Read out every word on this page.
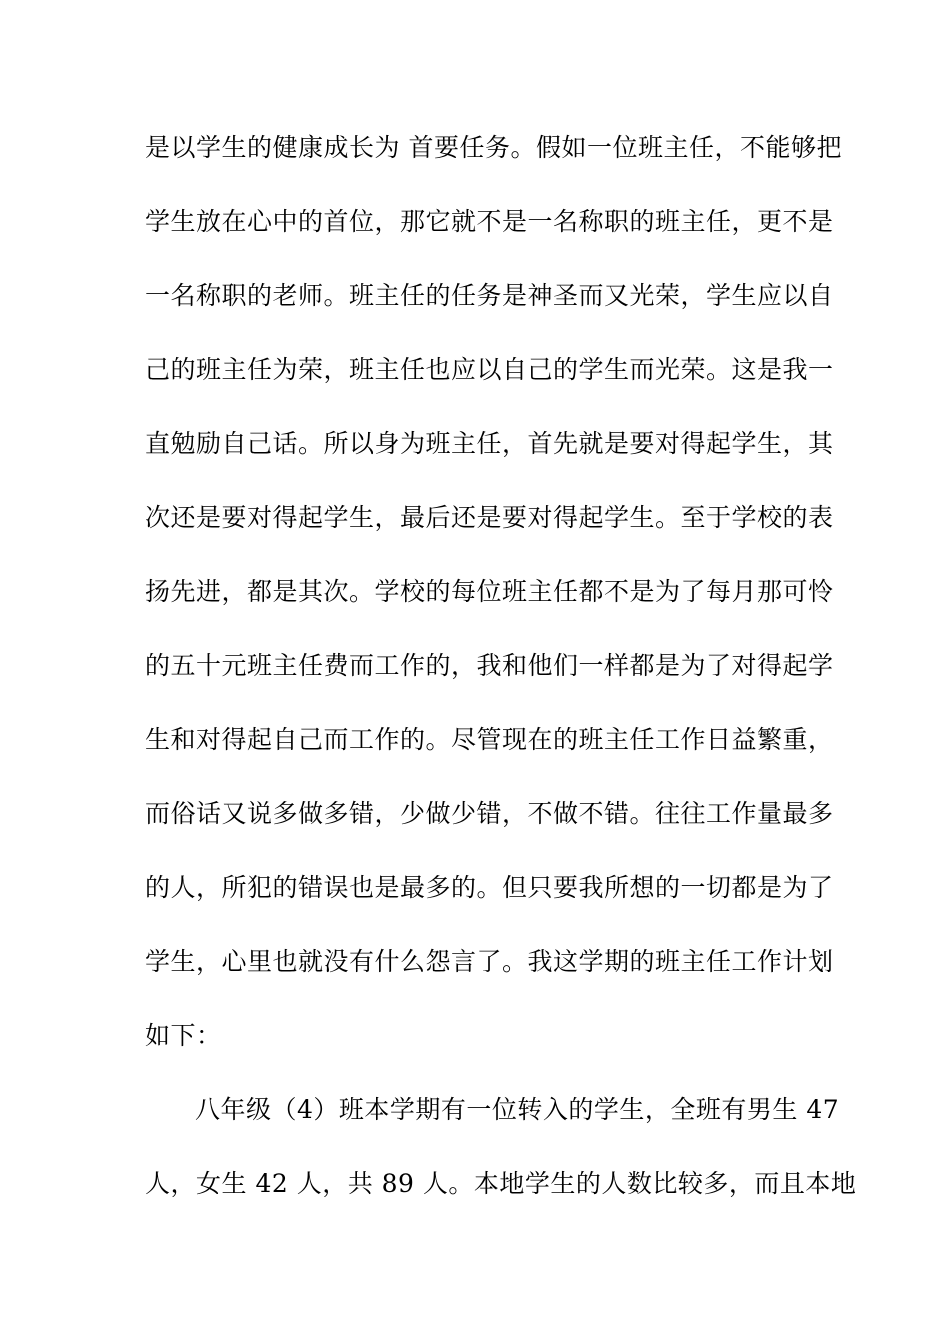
是以学生的健康成长为 首要任务。假如一位班主任，不能够把
学生放在心中的首位，那它就不是一名称职的班主任，更不是
一名称职的老师。班主任的任务是神圣而又光荣，学生应以自
己的班主任为荣，班主任也应以自己的学生而光荣。这是我一
直勉励自己话。所以身为班主任，首先就是要对得起学生，其
次还是要对得起学生，最后还是要对得起学生。至于学校的表
扬先进，都是其次。学校的每位班主任都不是为了每月那可怜
的五十元班主任费而工作的，我和他们一样都是为了对得起学
生和对得起自己而工作的。尽管现在的班主任工作日益繁重，
而俗话又说多做多错，少做少错，不做不错。往往工作量最多
的人，所犯的错误也是最多的。但只要我所想的一切都是为了
学生，心里也就没有什么怨言了。我这学期的班主任工作计划
如下：
八年级（4）班本学期有一位转入的学生，全班有男生 47
人，女生 42 人，共 89 人。本地学生的人数比较多，而且本地
